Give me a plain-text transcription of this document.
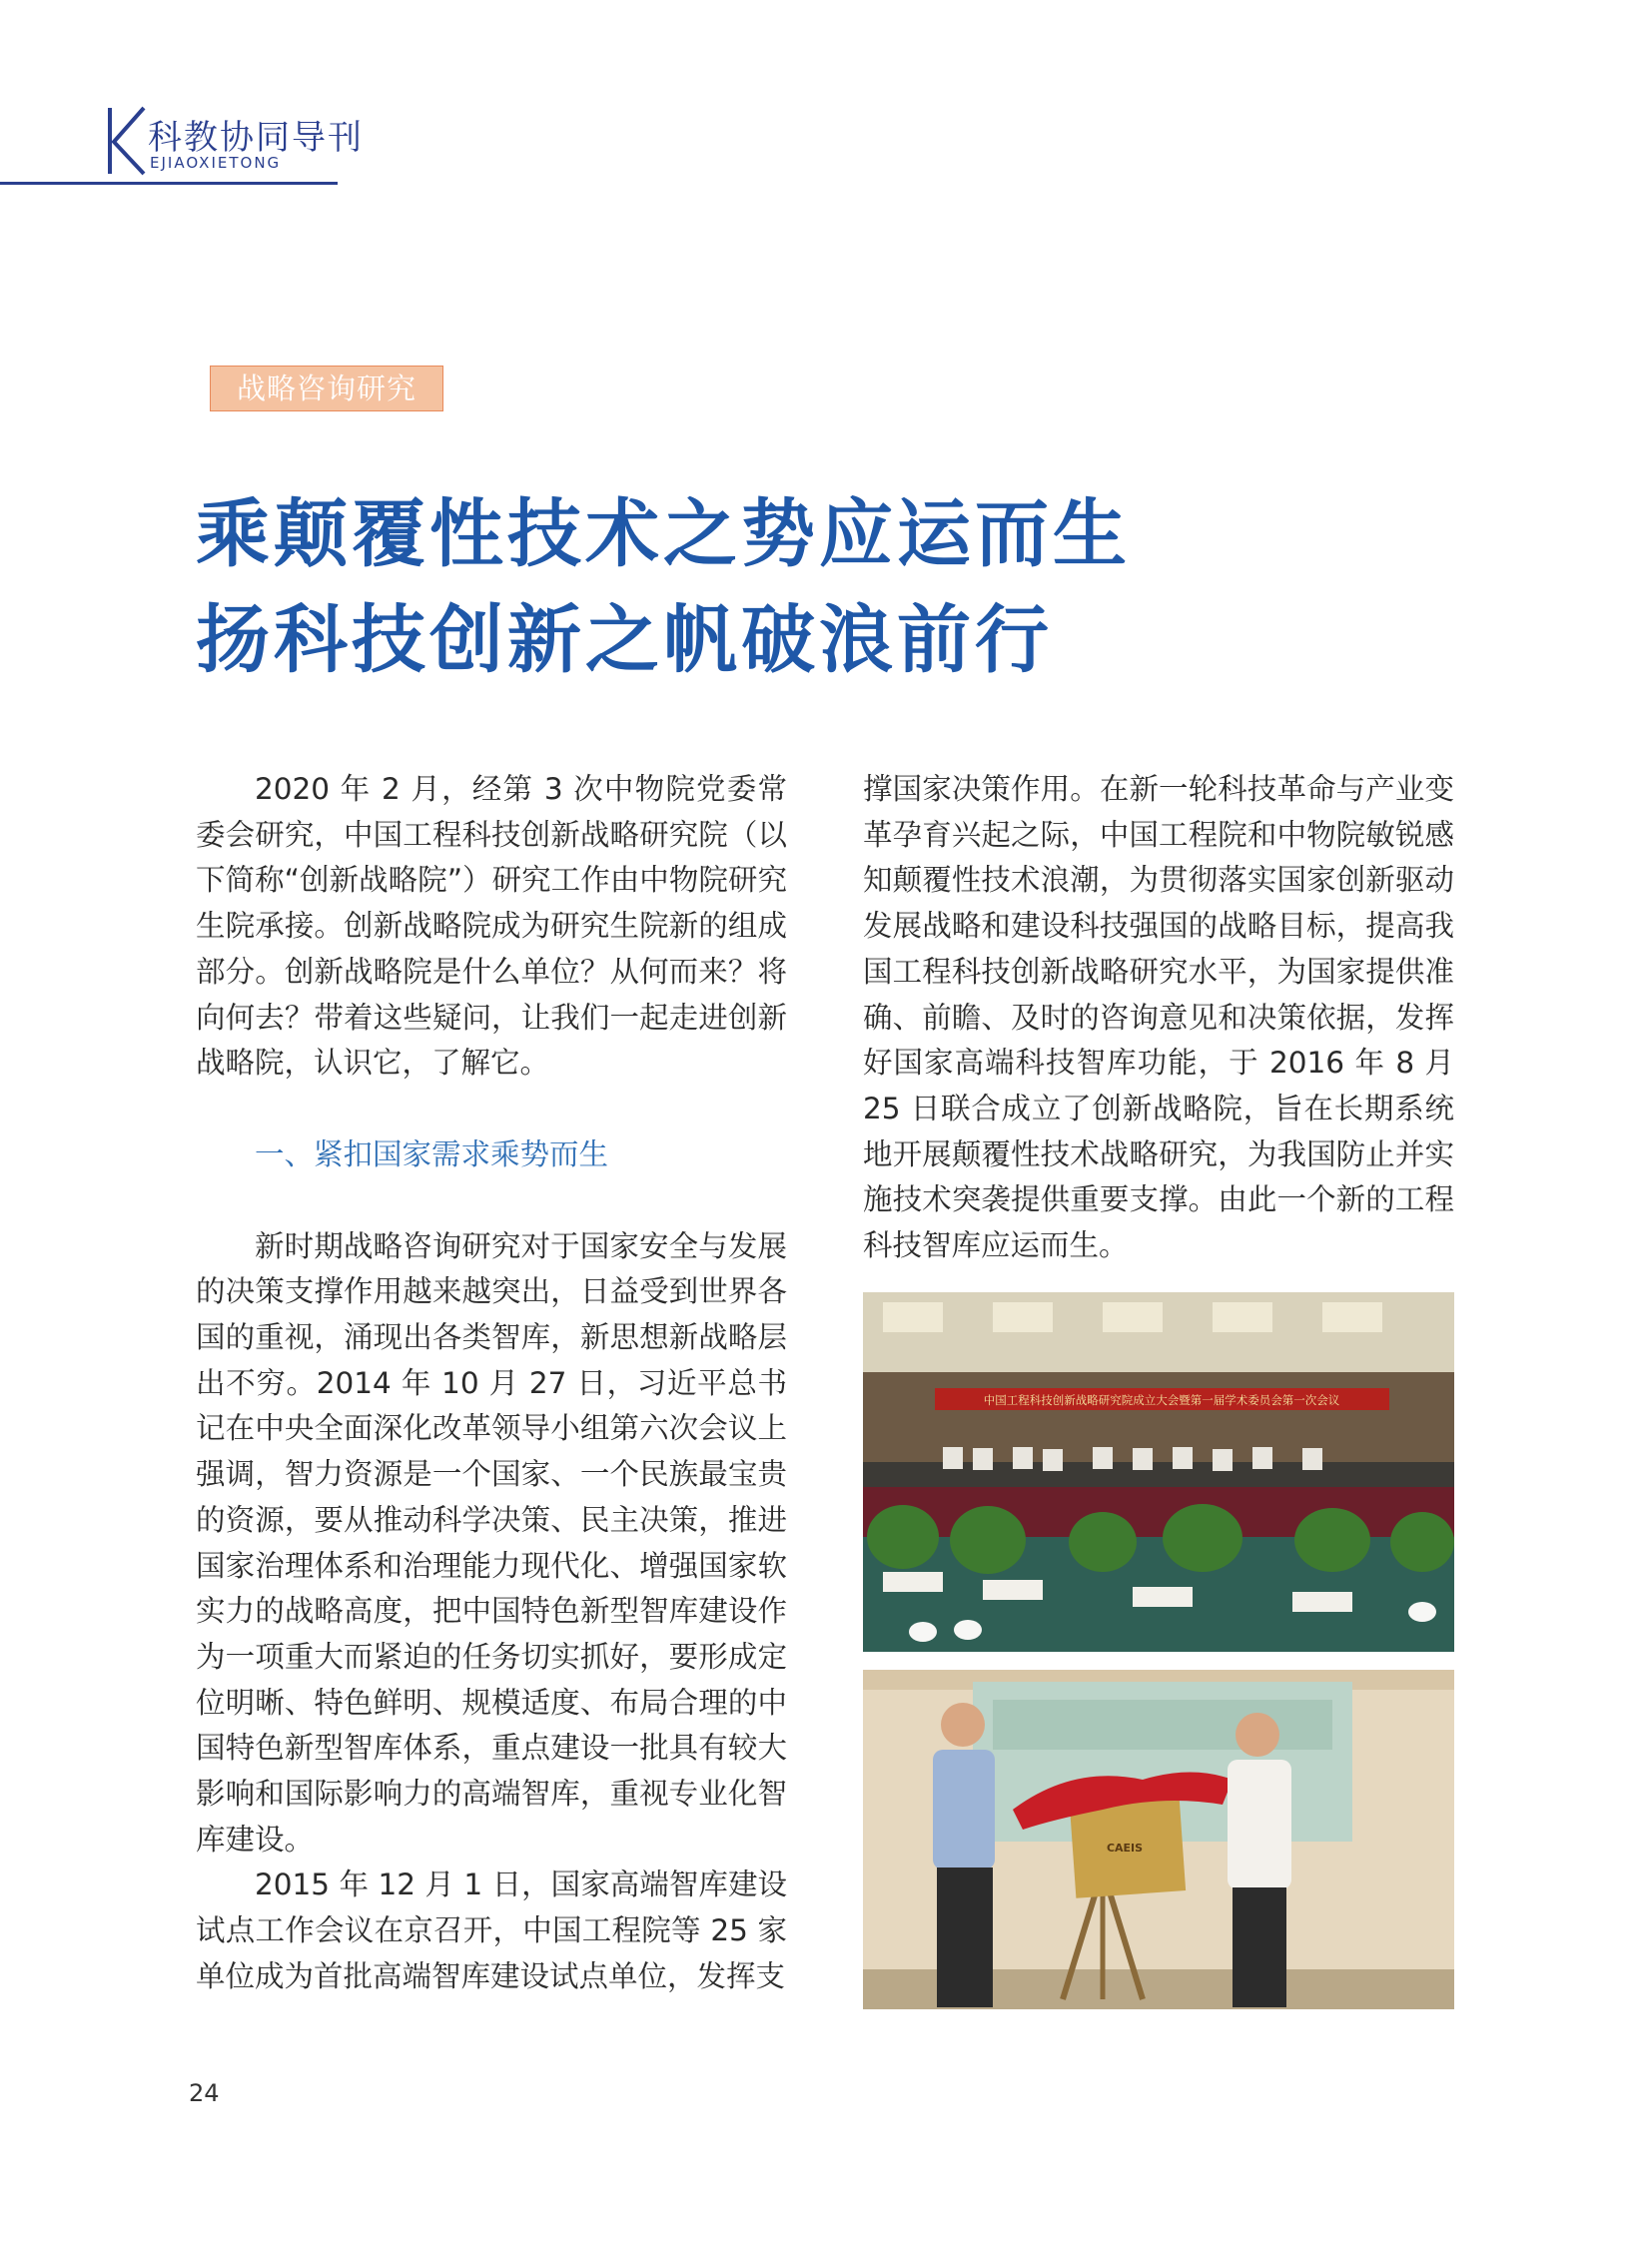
科教协同导刊
EJIAOXIETONG
战略咨询研究
乘颠覆性技术之势应运而生
扬科技创新之帆破浪前行

2020 年 2 月，经第 3 次中物院党委常委会研究，中国工程科技创新战略研究院（以下简称“创新战略院”）研究工作由中物院研究生院承接。创新战略院成为研究生院新的组成部分。创新战略院是什么单位？从何而来？将向何去？带着这些疑问，让我们一起走进创新战略院，认识它，了解它。

一、紧扣国家需求乘势而生

新时期战略咨询研究对于国家安全与发展的决策支撑作用越来越突出，日益受到世界各国的重视，涌现出各类智库，新思想新战略层出不穷。2014 年 10 月 27 日，习近平总书记在中央全面深化改革领导小组第六次会议上强调，智力资源是一个国家、一个民族最宝贵的资源，要从推动科学决策、民主决策，推进国家治理体系和治理能力现代化、增强国家软实力的战略高度，把中国特色新型智库建设作为一项重大而紧迫的任务切实抓好，要形成定位明晰、特色鲜明、规模适度、布局合理的中国特色新型智库体系，重点建设一批具有较大影响和国际影响力的高端智库，重视专业化智库建设。

2015 年 12 月 1 日，国家高端智库建设试点工作会议在京召开，中国工程院等 25 家单位成为首批高端智库建设试点单位，发挥支

撑国家决策作用。在新一轮科技革命与产业变革孕育兴起之际，中国工程院和中物院敏锐感知颠覆性技术浪潮，为贯彻落实国家创新驱动发展战略和建设科技强国的战略目标，提高我国工程科技创新战略研究水平，为国家提供准确、前瞻、及时的咨询意见和决策依据，发挥好国家高端科技智库功能，于 2016 年 8 月 25 日联合成立了创新战略院，旨在长期系统地开展颠覆性技术战略研究，为我国防止并实施技术突袭提供重要支撑。由此一个新的工程科技智库应运而生。

中国工程科技创新战略研究院成立大会暨第一届学术委员会第一次会议
CAEIS
24
